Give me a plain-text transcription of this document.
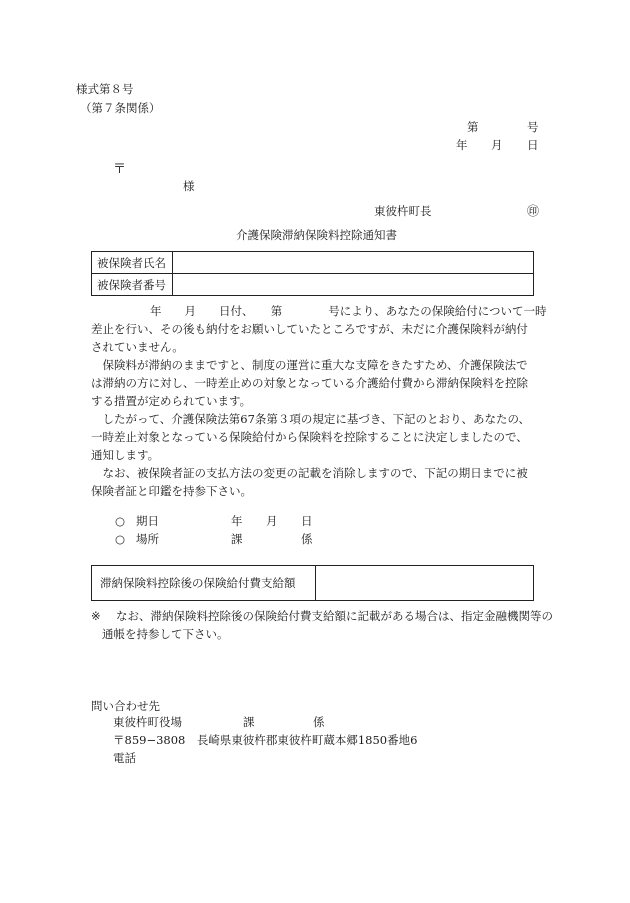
様式第８号
（第７条関係）
第	号
年 月 日
〒
様
東彼杵町長	㊞
介護保険滞納保険料控除通知書
被保険者氏名	
被保険者番号	
年　　月　　日付、　　第　　　　号により、あなたの保険給付について一時
差止を行い、その後も納付をお願いしていたところですが、未だに介護保険料が納付されていません。
保険料が滞納のままですと、制度の運営に重大な支障をきたすため、介護保険法では滞納の方に対し、一時差止めの対象となっている介護給付費から滞納保険料を控除する措置が定められています。
したがって、介護保険法第67条第３項の規定に基づき、下記のとおり、あなたの、一時差止対象となっている保険給付から保険料を控除することに決定しましたので、通知します。
なお、被保険者証の支払方法の変更の記載を消除しますので、下記の期日までに被保険者証と印鑑を持参下さい。
○ 期日	年 月 日
○ 場所	課	係
滞納保険料控除後の保険給付費支給額
※ なお、滞納保険料控除後の保険給付費支給額に記載がある場合は、指定金融機関等の
通帳を持参して下さい。
問い合わせ先
東彼杵町役場	課	係
〒859−3808　長崎県東彼杵郡東彼杵町蔵本郷1850番地6
電話
